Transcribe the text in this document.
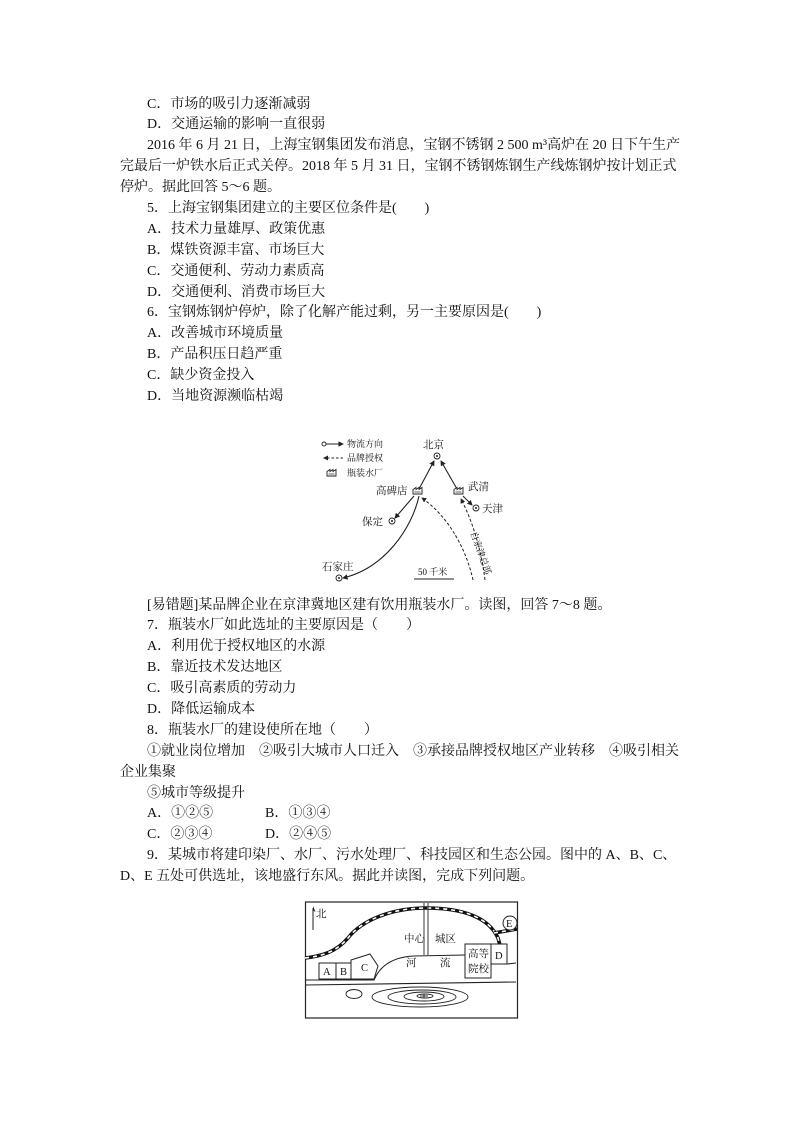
C．市场的吸引力逐渐减弱
D．交通运输的影响一直很弱
2016 年 6 月 21 日，上海宝钢集团发布消息，宝钢不锈钢 2 500 m³高炉在 20 日下午生产
完最后一炉铁水后正式关停。2018 年 5 月 31 日，宝钢不锈钢炼钢生产线炼钢炉按计划正式
停炉。据此回答 5～6 题。
5．上海宝钢集团建立的主要区位条件是(　　)
A．技术力量雄厚、政策优惠
B．煤铁资源丰富、市场巨大
C．交通便利、劳动力素质高
D．交通便利、消费市场巨大
6．宝钢炼钢炉停炉，除了化解产能过剩，另一主要原因是(　　)
A．改善城市环境质量
B．产品积压日趋严重
C．缺少资金投入
D．当地资源濒临枯竭
物流方向
品牌授权
瓶装水厂
北京
高碑店	武清
天津
保定
石家庄	自京津总部
50 千米
[易错题]某品牌企业在京津冀地区建有饮用瓶装水厂。读图，回答 7～8 题。
7．瓶装水厂如此选址的主要原因是（　　）
A．利用优于授权地区的水源
B．靠近技术发达地区
C．吸引高素质的劳动力
D．降低运输成本
8．瓶装水厂的建设使所在地（　　）
①就业岗位增加　②吸引大城市人口迁入　③承接品牌授权地区产业转移　④吸引相关
企业集聚
⑤城市等级提升
A．①②⑤	B．①③④
C．②③④	D．②④⑤
9．某城市将建印染厂、水厂、污水处理厂、科技园区和生态公园。图中的 A、B、C、
D、E 五处可供选址，该地盛行东风。据此并读图，完成下列问题。
北
中心 城区
河 流
A B C
D
E
高等
院校
